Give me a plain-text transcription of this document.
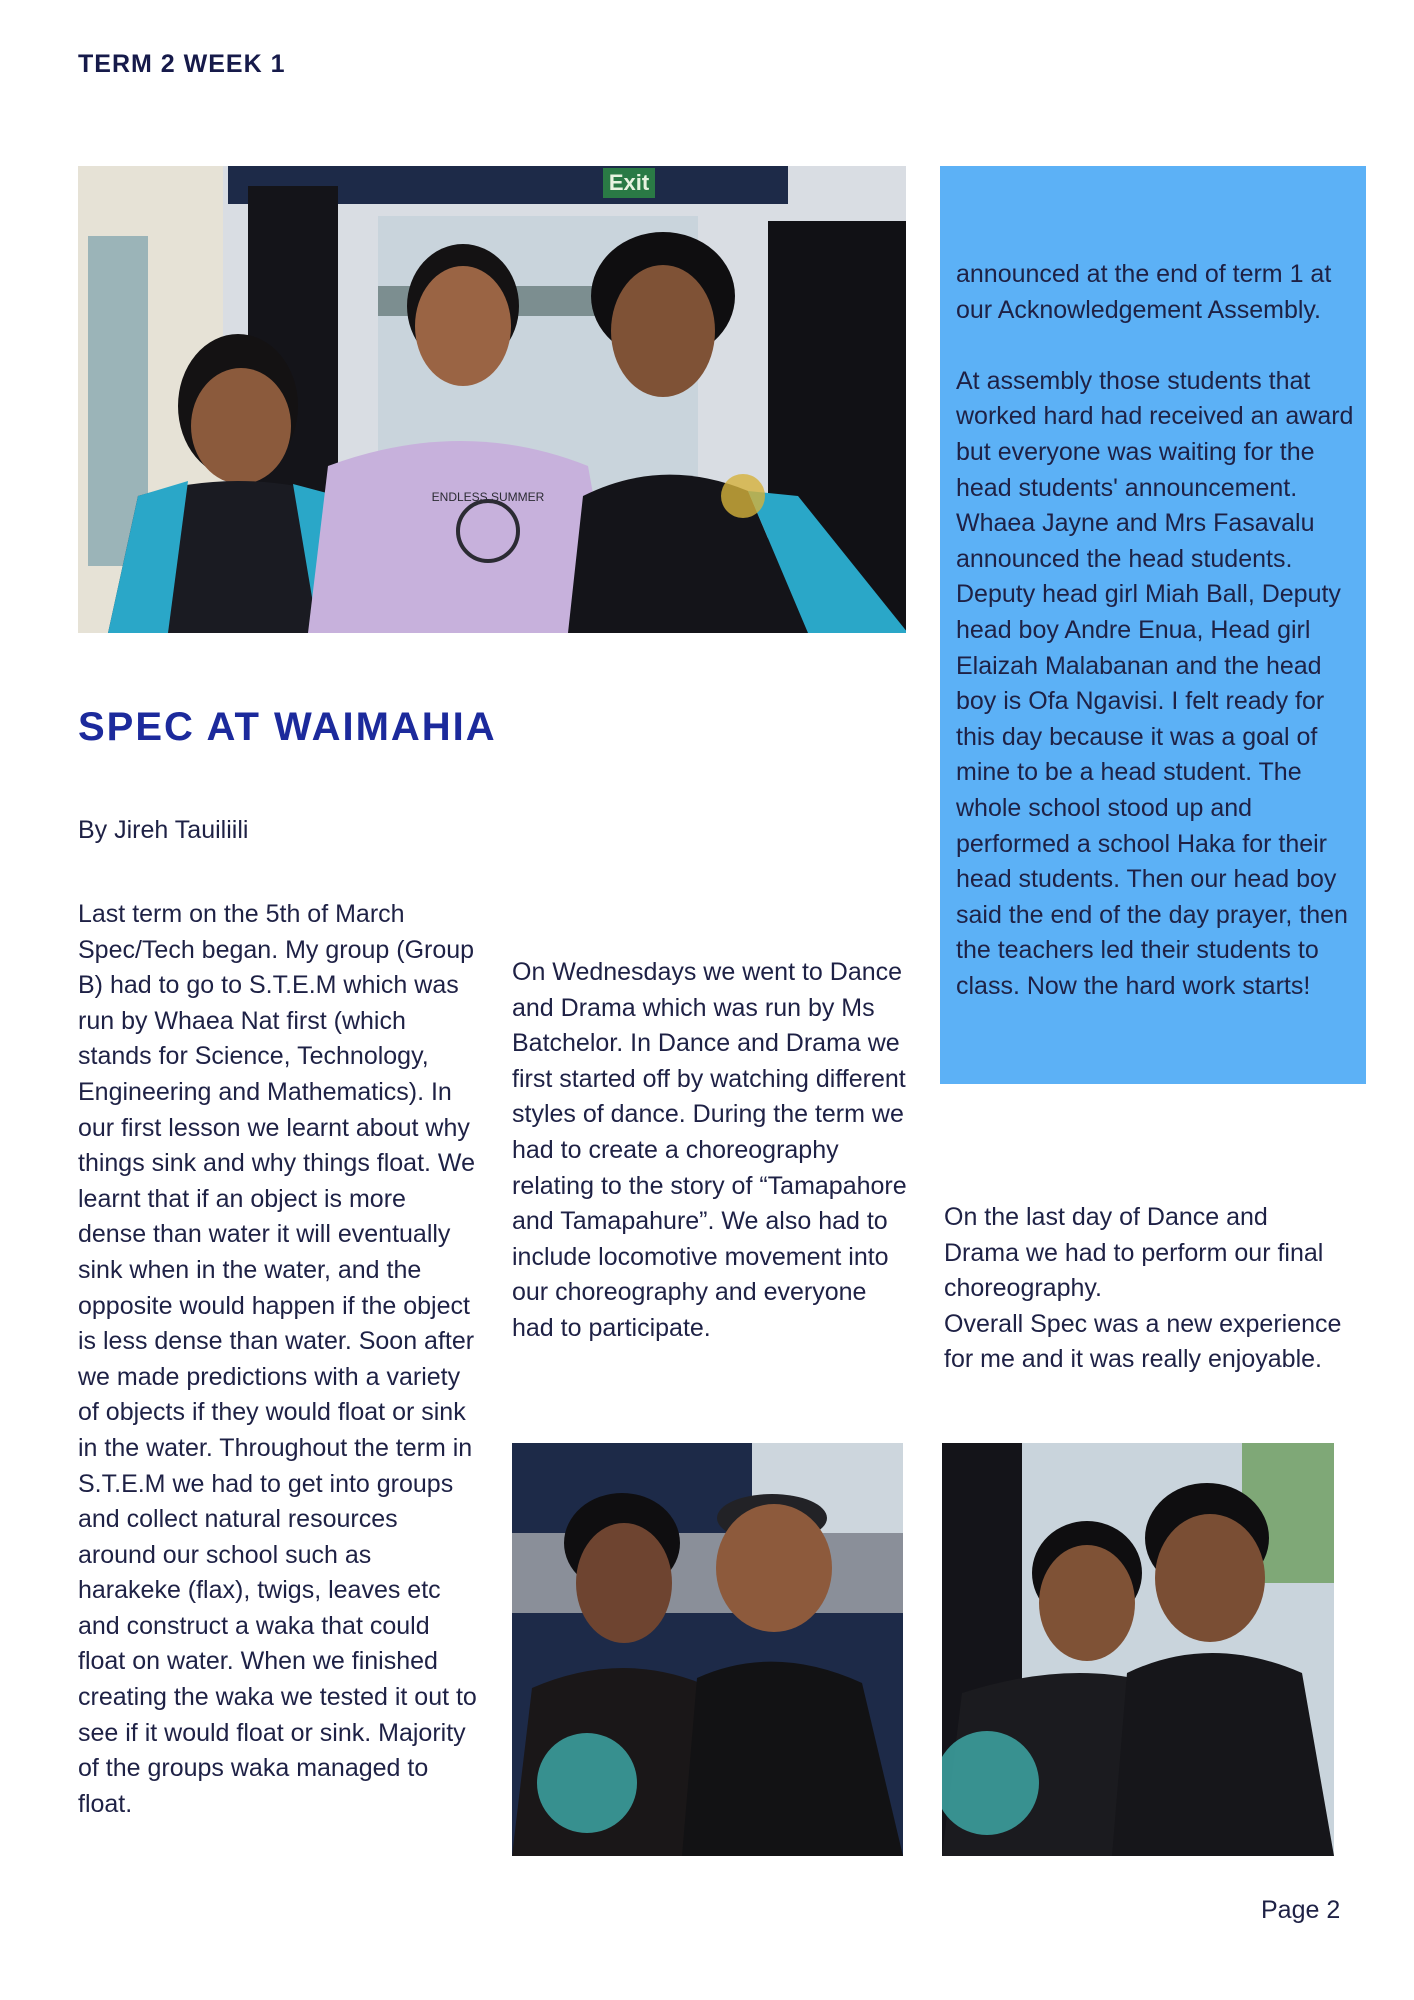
TERM 2 WEEK 1
Exit
ENDLESS SUMMER
announced at the end of term 1 at our Acknowledgement Assembly.

At assembly those students that worked hard had received an award but everyone was waiting for the head students' announcement. Whaea Jayne and Mrs Fasavalu announced the head students. Deputy head girl Miah Ball, Deputy head boy Andre Enua, Head girl Elaizah Malabanan and the head boy is Ofa Ngavisi. I felt ready for this day because it was a goal of mine to be a head student. The whole school stood up and performed a school Haka for their head students. Then our head boy said the end of the day prayer, then the teachers led their students to class. Now the hard work starts!
SPEC AT WAIMAHIA
By Jireh Tauiliili
Last term on the 5th of March Spec/Tech began. My group (Group B) had to go to S.T.E.M which was run by Whaea Nat first (which stands for Science, Technology, Engineering and Mathematics). In our first lesson we learnt about why things sink and why things float. We learnt that if an object is more dense than water it will eventually sink when in the water, and the opposite would happen if the object is less dense than water. Soon after we made predictions with a variety of objects if they would float or sink in the water. Throughout the term in S.T.E.M we had to get into groups and collect natural resources around our school such as harakeke (flax), twigs, leaves etc and construct a waka that could float on water. When we finished creating the waka we tested it out to see if it would float or sink. Majority of the groups waka managed to float.
On Wednesdays we went to Dance and Drama which was run by Ms Batchelor. In Dance and Drama we first started off by watching different styles of dance. During the term we had to create a choreography relating to the story of “Tamapahore and Tamapahure”. We also had to include locomotive movement into our choreography and everyone had to participate.
On the last day of Dance and Drama we had to perform our final choreography.
Overall Spec was a new experience for me and it was really enjoyable.
Page 2
